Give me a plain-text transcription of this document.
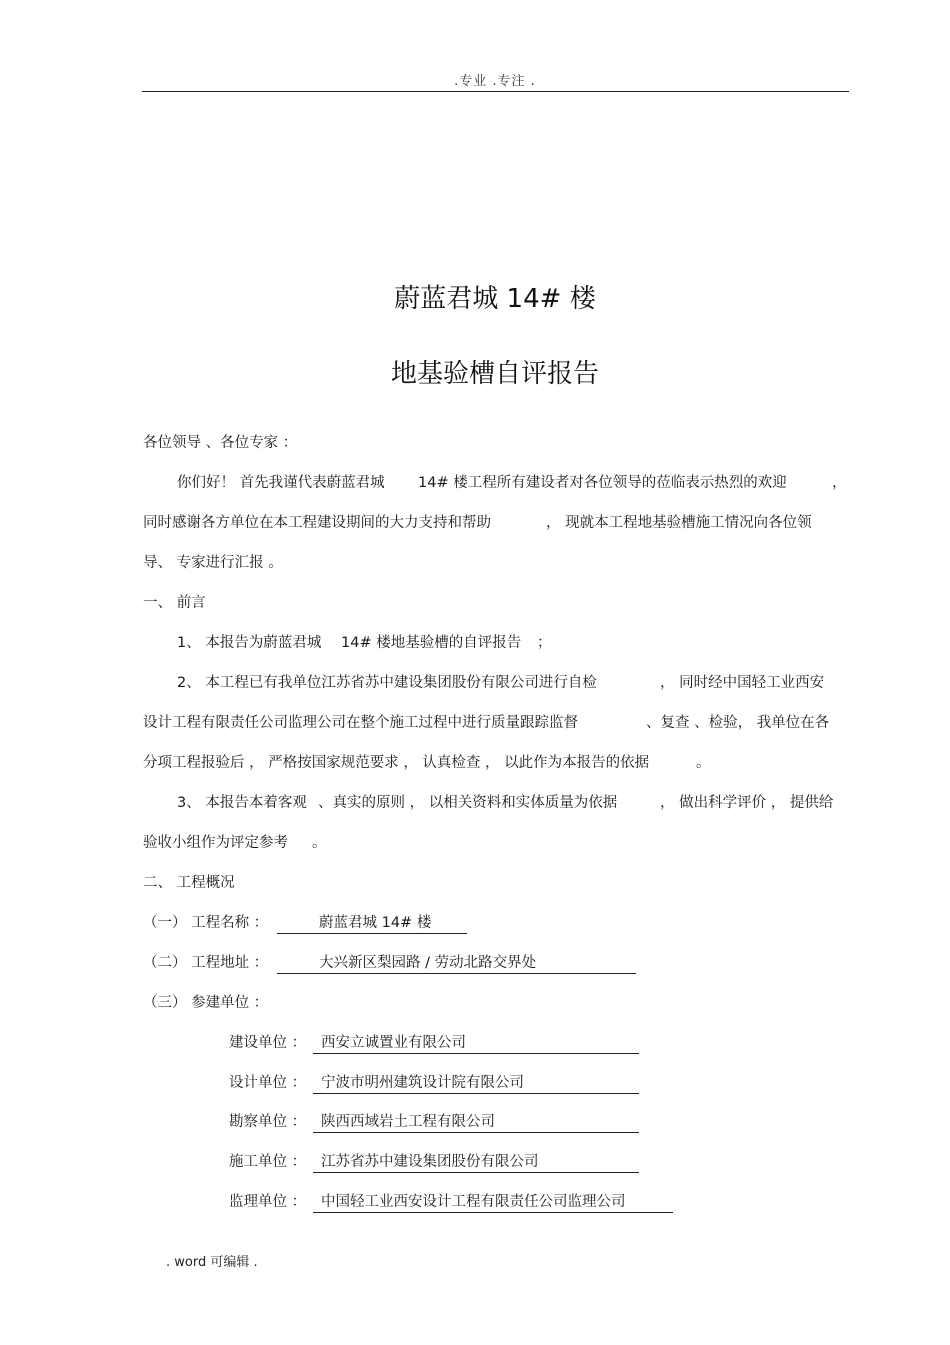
.专业 .专注 .
蔚蓝君城 14# 楼
地基验槽自评报告
各位领导 、各位专家 ：
你们好！ 首先我谨代表蔚蓝君城 14# 楼工程所有建设者对各位领导的莅临表示热烈的欢迎	，
同时感谢各方单位在本工程建设期间的大力支持和帮助	， 现就本工程地基验槽施工情况向各位领
导、 专家进行汇报 。
一、 前言
1、 本报告为蔚蓝君城 14# 楼地基验槽的自评报告 ；
2、 本工程已有我单位江苏省苏中建设集团股份有限公司进行自检	， 同时经中国轻工业西安
设计工程有限责任公司监理公司在整个施工过程中进行质量跟踪监督	、复查 、检验， 我单位在各
分项工程报验后 ， 严格按国家规范要求 ， 认真检查 ， 以此作为本报告的依据	。
3、 本报告本着客观 、真实的原则 ， 以相关资料和实体质量为依据	， 做出科学评价 ， 提供给
验收小组作为评定参考 。
二、 工程概况
（一） 工程名称 ：	蔚蓝君城 14# 楼
（二） 工程地址 ：	大兴新区梨园路 / 劳动北路交界处
（三） 参建单位 ：
建设单位 ：	西安立诚置业有限公司
设计单位 ：	宁波市明州建筑设计院有限公司
勘察单位 ：	陕西西域岩土工程有限公司
施工单位 ：	江苏省苏中建设集团股份有限公司
监理单位 ：	中国轻工业西安设计工程有限责任公司监理公司
. word 可编辑 .
